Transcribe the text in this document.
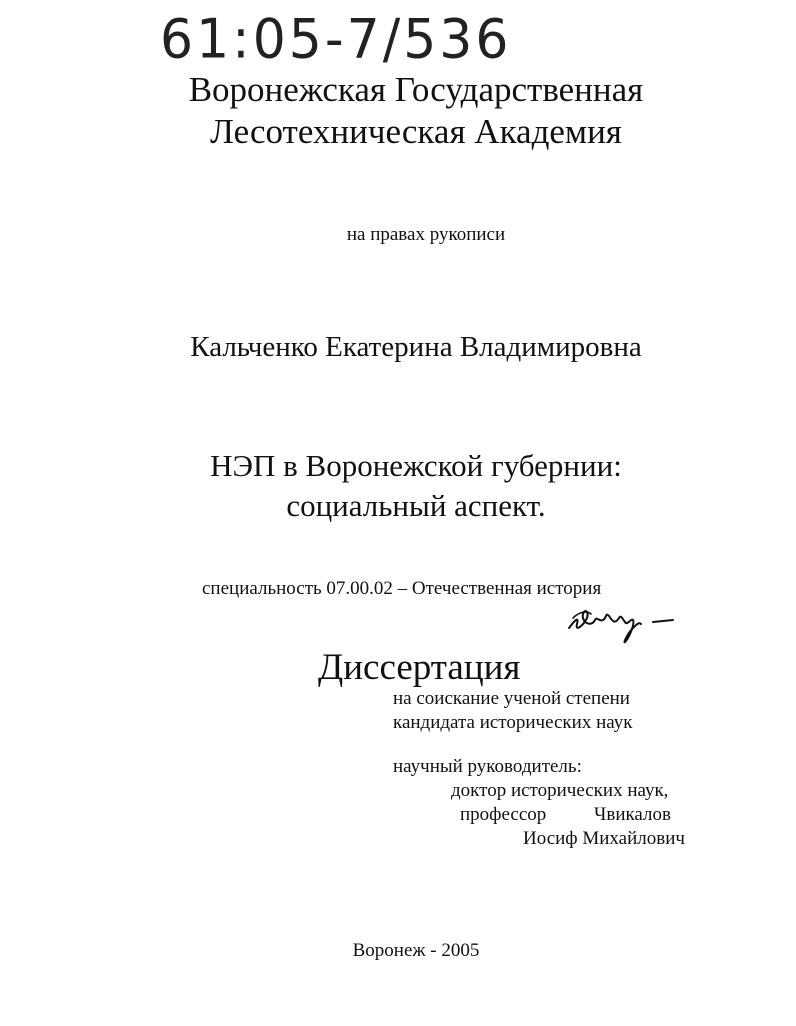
61:05-7/536
Воронежская Государственная
Лесотехническая Академия
на правах рукописи
Кальченко Екатерина Владимировна
НЭП в Воронежской губернии:
социальный аспект.
специальность 07.00.02 – Отечественная история
Диссертация
на соискание ученой степени
кандидата исторических наук
научный руководитель:
доктор исторических наук,
профессор	Чвикалов
Иосиф Михайлович
Воронеж - 2005
